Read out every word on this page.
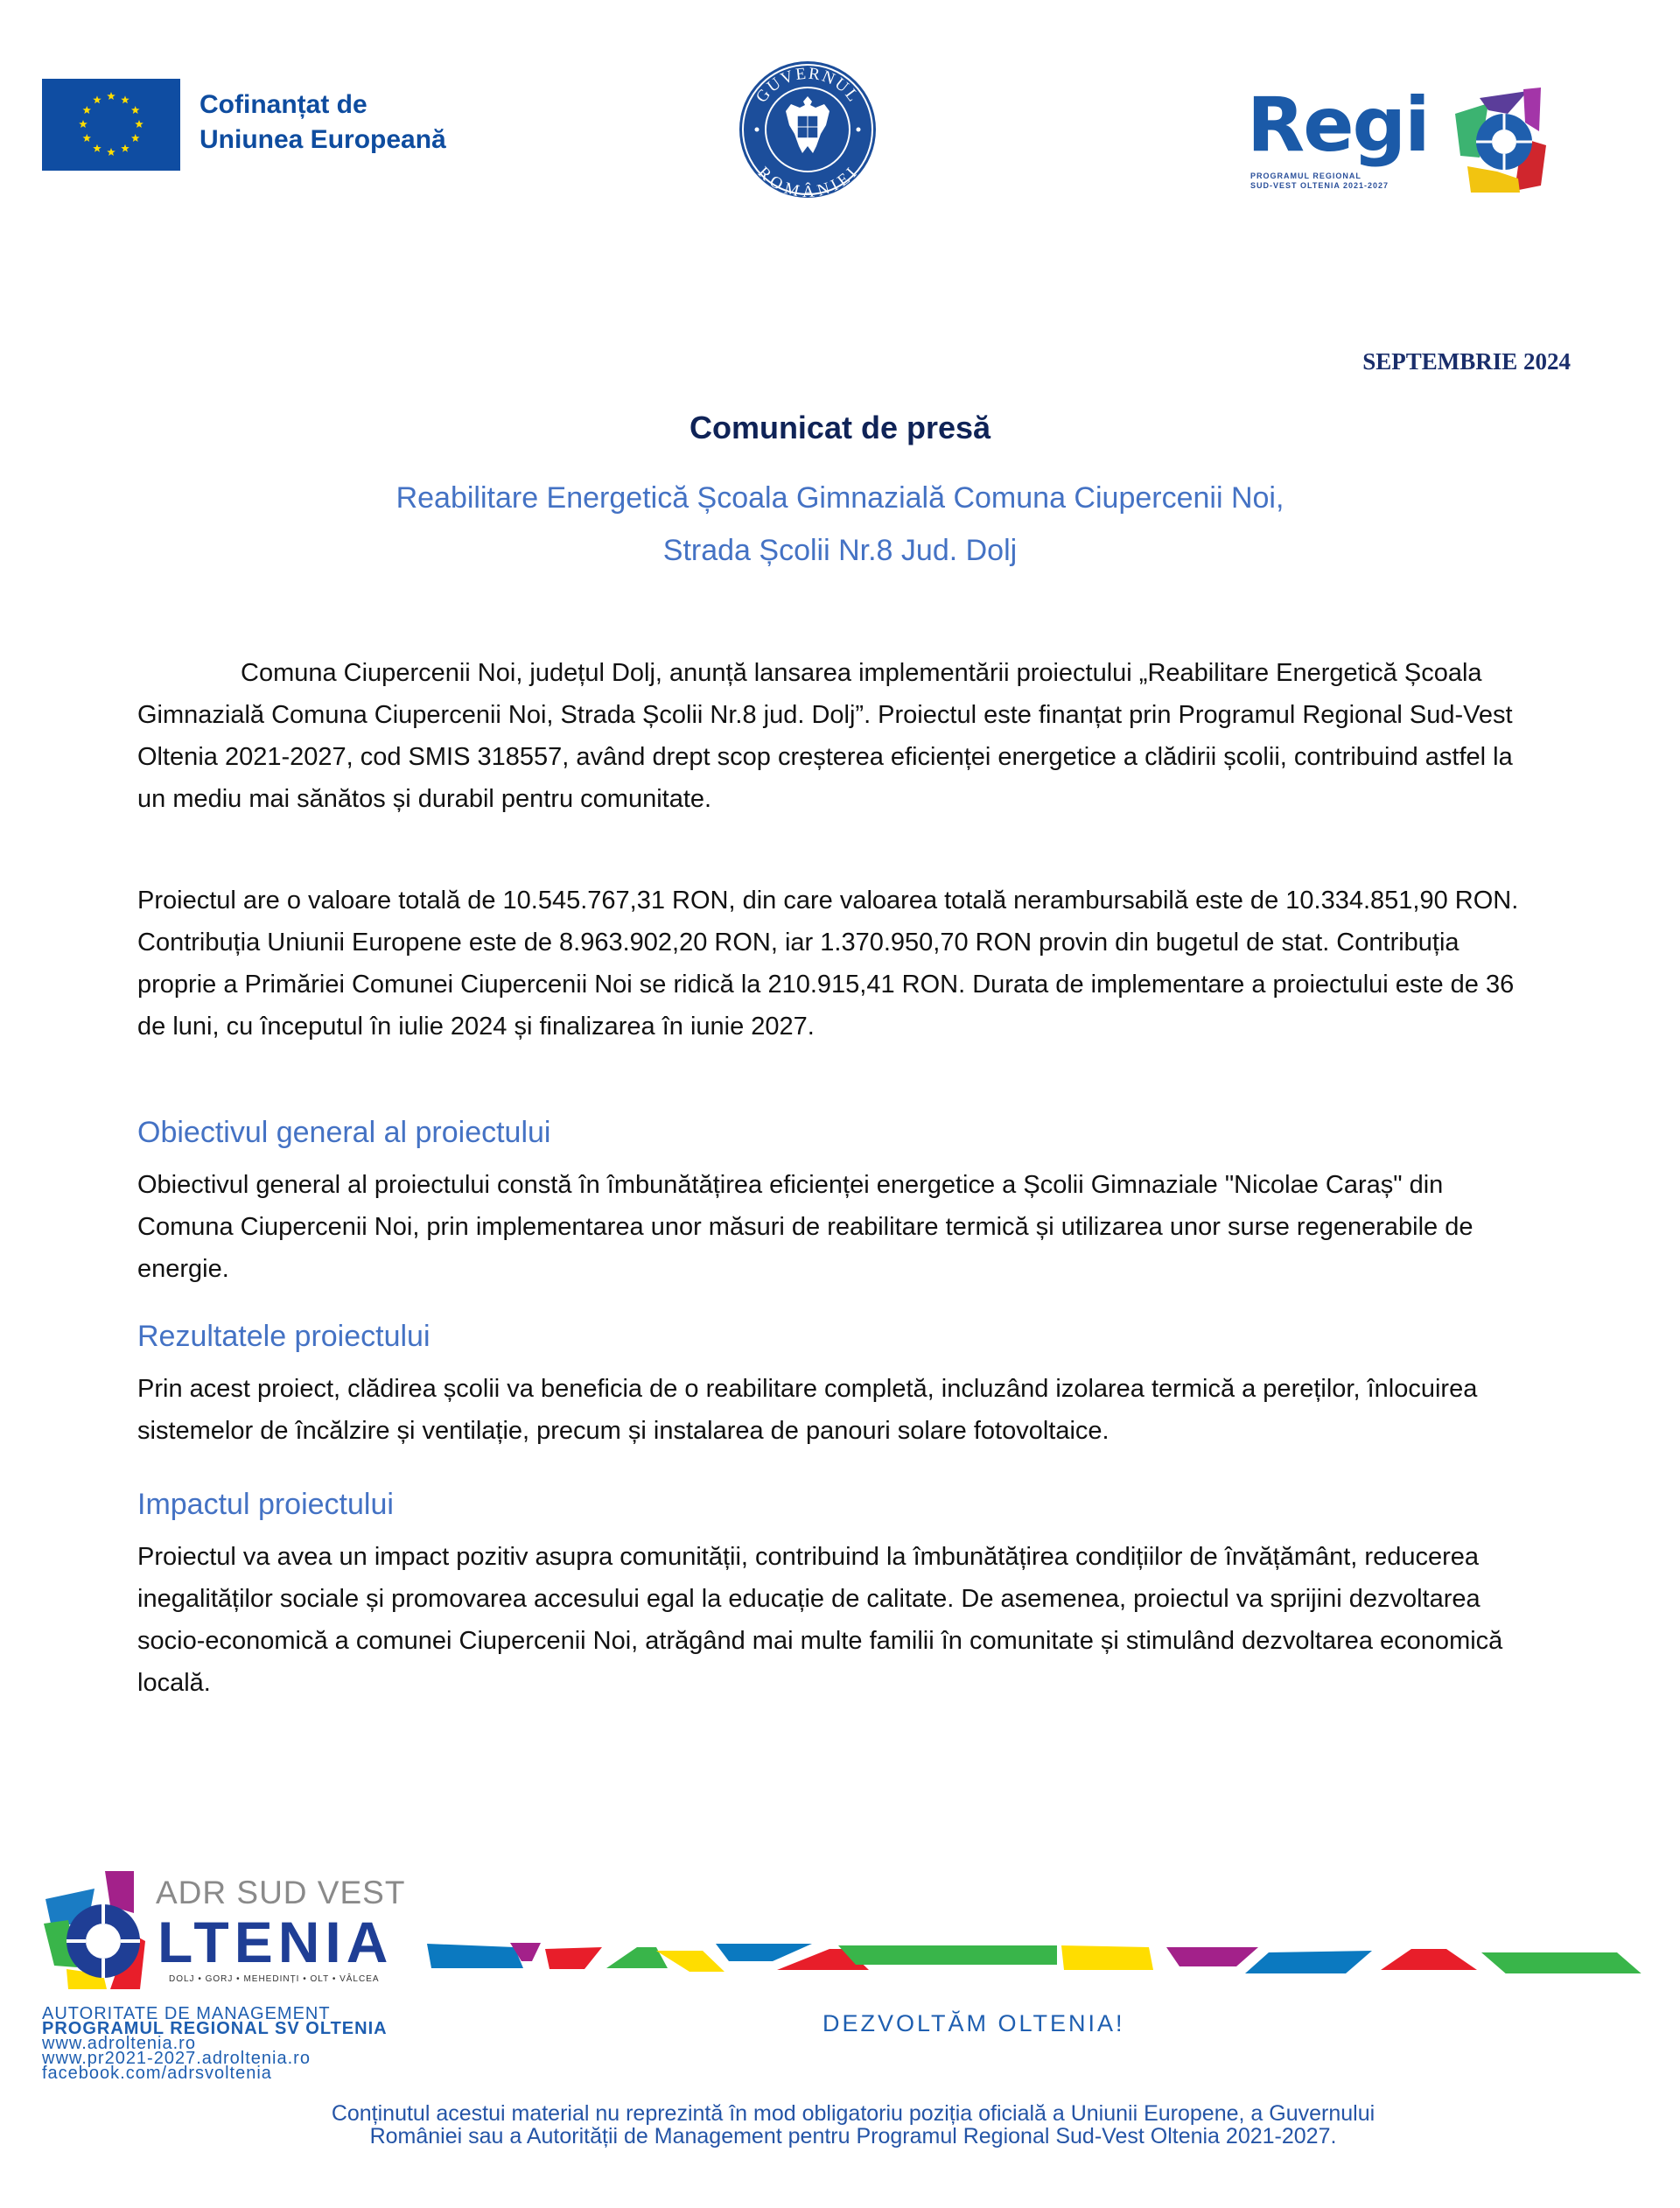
Cofinanțat de
Uniunea Europeană
GUVERNUL
ROMÂNIEI
Regi
PROGRAMUL REGIONAL
SUD-VEST OLTENIA 2021-2027
SEPTEMBRIE 2024
Comunicat de presă
Reabilitare Energetică Școala Gimnazială Comuna Ciupercenii Noi,
Strada Școlii Nr.8 Jud. Dolj
Comuna Ciupercenii Noi, județul Dolj, anunță lansarea implementării proiectului „Reabilitare Energetică Școala Gimnazială Comuna Ciupercenii Noi, Strada Școlii Nr.8 jud. Dolj”. Proiectul este finanțat prin Programul Regional Sud-Vest Oltenia 2021-2027, cod SMIS 318557, având drept scop creșterea eficienței energetice a clădirii școlii, contribuind astfel la un mediu mai sănătos și durabil pentru comunitate.
Proiectul are o valoare totală de 10.545.767,31 RON, din care valoarea totală nerambursabilă este de 10.334.851,90 RON. Contribuția Uniunii Europene este de 8.963.902,20 RON, iar 1.370.950,70 RON provin din bugetul de stat. Contribuția proprie a Primăriei Comunei Ciupercenii Noi se ridică la 210.915,41 RON. Durata de implementare a proiectului este de 36 de luni, cu începutul în iulie 2024 și finalizarea în iunie 2027.
Obiectivul general al proiectului
Obiectivul general al proiectului constă în îmbunătățirea eficienței energetice a Școlii Gimnaziale "Nicolae Caraș" din Comuna Ciupercenii Noi, prin implementarea unor măsuri de reabilitare termică și utilizarea unor surse regenerabile de energie.
Rezultatele proiectului
Prin acest proiect, clădirea școlii va beneficia de o reabilitare completă, incluzând izolarea termică a pereților, înlocuirea sistemelor de încălzire și ventilație, precum și instalarea de panouri solare fotovoltaice.
Impactul proiectului
Proiectul va avea un impact pozitiv asupra comunității, contribuind la îmbunătățirea condițiilor de învățământ, reducerea inegalităților sociale și promovarea accesului egal la educație de calitate. De asemenea, proiectul va sprijini dezvoltarea socio-economică a comunei Ciupercenii Noi, atrăgând mai multe familii în comunitate și stimulând dezvoltarea economică locală.
ADR SUD VEST
LTENIA
DOLJ • GORJ • MEHEDINȚI • OLT • VÂLCEA
AUTORITATE DE MANAGEMENT
PROGRAMUL REGIONAL SV OLTENIA
www.adroltenia.ro
www.pr2021-2027.adroltenia.ro
facebook.com/adrsvoltenia
DEZVOLTĂM OLTENIA!
Conținutul acestui material nu reprezintă în mod obligatoriu poziția oficială a Uniunii Europene, a Guvernului
României sau a Autorității de Management pentru Programul Regional Sud-Vest Oltenia 2021-2027.
